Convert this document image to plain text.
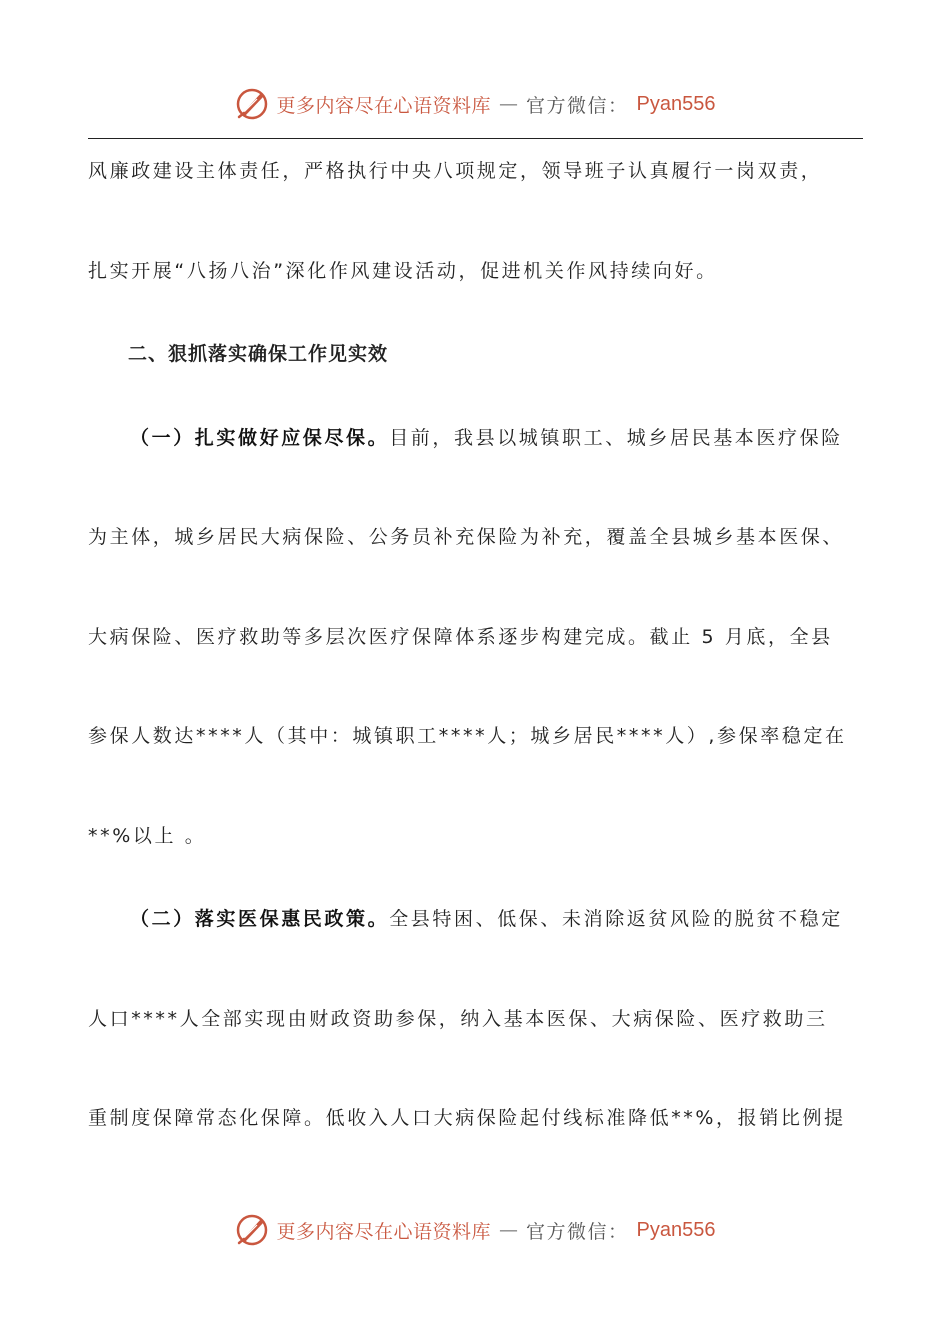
更多内容尽在心语资料库 — 官方微信： Pyan556
风廉政建设主体责任，严格执行中央八项规定，领导班子认真履行一岗双责，
扎实开展“八扬八治”深化作风建设活动，促进机关作风持续向好。
二、狠抓落实确保工作见实效
（一）扎实做好应保尽保。目前，我县以城镇职工、城乡居民基本医疗保险
为主体，城乡居民大病保险、公务员补充保险为补充，覆盖全县城乡基本医保、
大病保险、医疗救助等多层次医疗保障体系逐步构建完成。截止 5 月底，全县
参保人数达****人（其中：城镇职工****人；城乡居民****人）,参保率稳定在
**%以上 。
（二）落实医保惠民政策。全县特困、低保、未消除返贫风险的脱贫不稳定
人口****人全部实现由财政资助参保，纳入基本医保、大病保险、医疗救助三
重制度保障常态化保障。低收入人口大病保险起付线标准降低**%，报销比例提
更多内容尽在心语资料库 — 官方微信： Pyan556
